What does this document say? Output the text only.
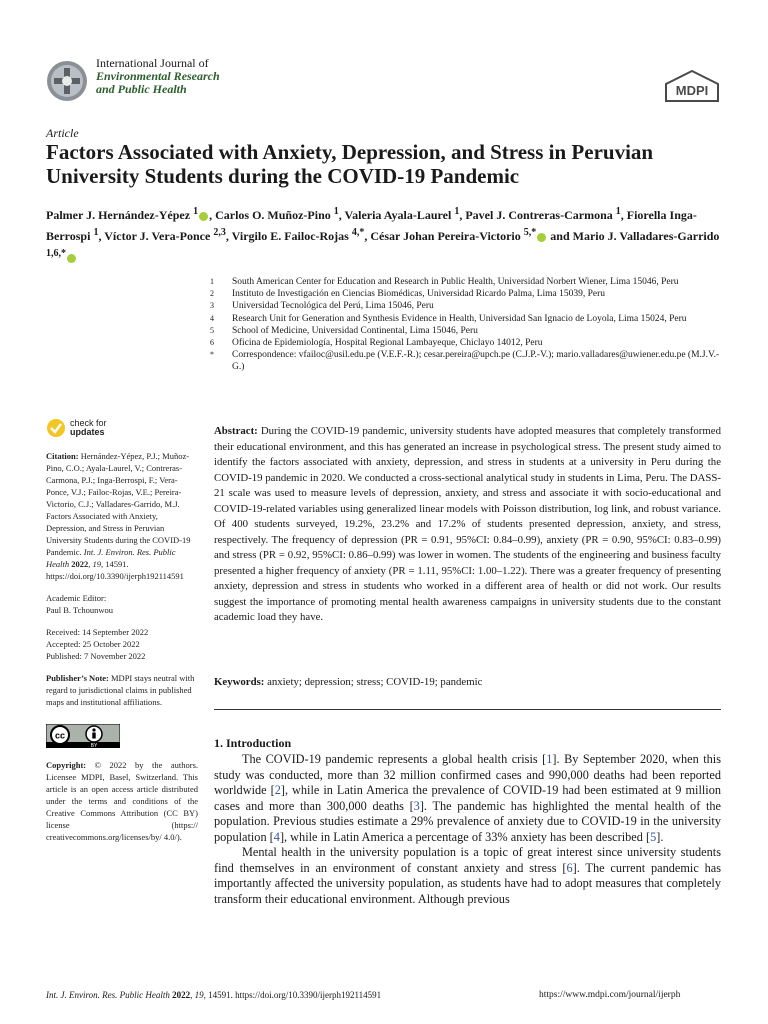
International Journal of
Environmental Research
and Public Health	MDPI
Article
Factors Associated with Anxiety, Depression, and Stress in Peruvian University Students during the COVID-19 Pandemic
Palmer J. Hernández-Yépez $^1$ , Carlos O. Muñoz-Pino $^1$, Valeria Ayala-Laurel $^1$, Pavel J. Contreras-Carmona $^1$, Fiorella Inga-Berrospi $^1$, Víctor J. Vera-Ponce $^{2,3}$, Virgilo E. Failoc-Rojas $^{4,*}$, César Johan Pereira-Victorio $^{5,*}$ and Mario J. Valladares-Garrido $^{1,6,*}$
1	South American Center for Education and Research in Public Health, Universidad Norbert Wiener, Lima 15046, Peru
2	Instituto de Investigación en Ciencias Biomédicas, Universidad Ricardo Palma, Lima 15039, Peru
3	Universidad Tecnológica del Perú, Lima 15046, Peru
4	Research Unit for Generation and Synthesis Evidence in Health, Universidad San Ignacio de Loyola, Lima 15024, Peru
5	School of Medicine, Universidad Continental, Lima 15046, Peru
6	Oficina de Epidemiología, Hospital Regional Lambayeque, Chiclayo 14012, Peru
*	Correspondence: vfailoc@usil.edu.pe (V.E.F.-R.); cesar.pereira@upch.pe (C.J.P.-V.); mario.valladares@uwiener.edu.pe (M.J.V.-G.)
check for
updates
Citation: Hernández-Yépez, P.J.; Muñoz-Pino, C.O.; Ayala-Laurel, V.; Contreras-Carmona, P.J.; Inga-Berrospi, F.; Vera-Ponce, V.J.; Failoc-Rojas, V.E.; Pereira-Victorio, C.J.; Valladares-Garrido, M.J. Factors Associated with Anxiety, Depression, and Stress in Peruvian University Students during the COVID-19 Pandemic. Int. J. Environ. Res. Public Health 2022, 19, 14591. https://doi.org/10.3390/ijerph192114591
Academic Editor:
Paul B. Tchounwou
Received: 14 September 2022
Accepted: 25 October 2022
Published: 7 November 2022
Publisher’s Note: MDPI stays neutral with regard to jurisdictional claims in published maps and institutional affiliations.
cc
BY
Copyright: © 2022 by the authors. Licensee MDPI, Basel, Switzerland. This article is an open access article distributed under the terms and conditions of the Creative Commons Attribution (CC BY) license (https:// creativecommons.org/licenses/by/ 4.0/).
Abstract: During the COVID-19 pandemic, university students have adopted measures that completely transformed their educational environment, and this has generated an increase in psychological stress. The present study aimed to identify the factors associated with anxiety, depression, and stress in students at a university in Peru during the COVID-19 pandemic in 2020. We conducted a cross-sectional analytical study in students in Lima, Peru. The DASS-21 scale was used to measure levels of depression, anxiety, and stress and associate it with socio-educational and COVID-19-related variables using generalized linear models with Poisson distribution, log link, and robust variance. Of 400 students surveyed, 19.2%, 23.2% and 17.2% of students presented depression, anxiety, and stress, respectively. The frequency of depression (PR = 0.91, 95%CI: 0.84–0.99), anxiety (PR = 0.90, 95%CI: 0.83–0.99) and stress (PR = 0.92, 95%CI: 0.86–0.99) was lower in women. The students of the engineering and business faculty presented a higher frequency of anxiety (PR = 1.11, 95%CI: 1.00–1.22). There was a greater frequency of presenting anxiety, depression and stress in students who worked in a different area of health or did not work. Our results suggest the importance of promoting mental health awareness campaigns in university students due to the constant academic load they have.
Keywords: anxiety; depression; stress; COVID-19; pandemic
1. Introduction

The COVID-19 pandemic represents a global health crisis [1]. By September 2020, when this study was conducted, more than 32 million confirmed cases and 990,000 deaths had been reported worldwide [2], while in Latin America the prevalence of COVID-19 had been estimated at 9 million cases and more than 300,000 deaths [3]. The pandemic has highlighted the mental health of the population. Previous studies estimate a 29% prevalence of anxiety due to COVID-19 in the university population [4], while in Latin America a percentage of 33% anxiety has been described [5].

Mental health in the university population is a topic of great interest since university students find themselves in an environment of constant anxiety and stress [6]. The current pandemic has importantly affected the university population, as students have had to adopt measures that completely transform their educational environment. Although previous

Int. J. Environ. Res. Public Health 2022, 19, 14591. https://doi.org/10.3390/ijerph192114591	https://www.mdpi.com/journal/ijerph
